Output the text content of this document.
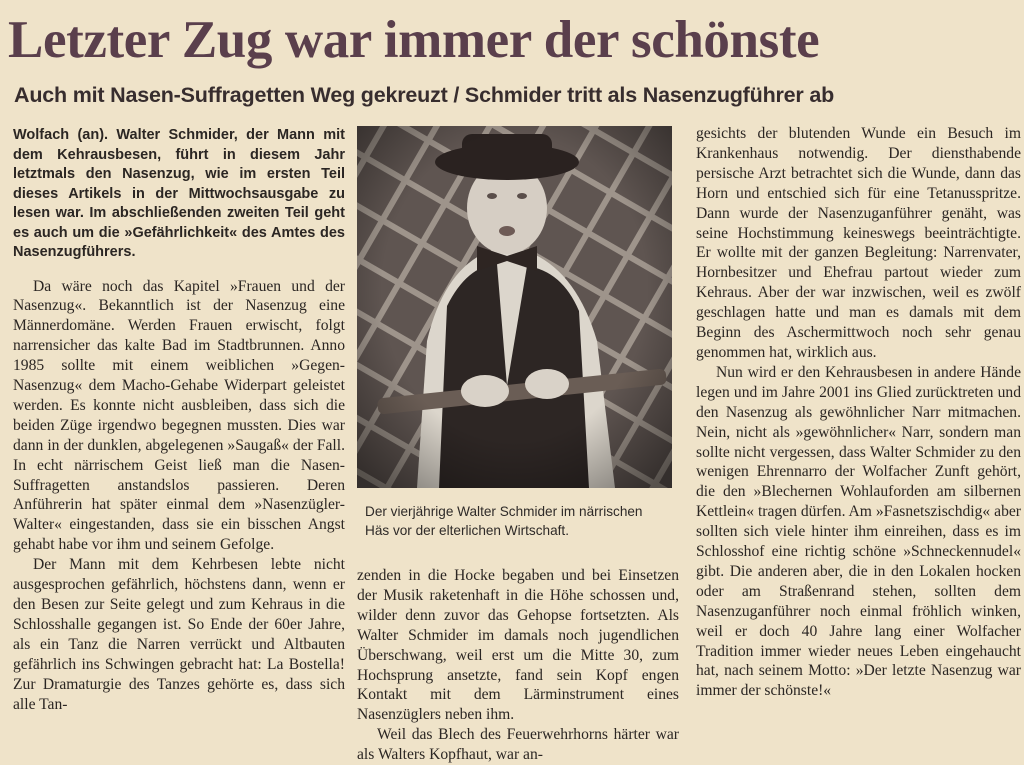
Letzter Zug war immer der schönste
Auch mit Nasen-Suffragetten Weg gekreuzt / Schmider tritt als Nasenzugführer ab

Wolfach (an). Walter Schmider, der Mann mit dem Kehrausbesen, führt in diesem Jahr letztmals den Nasenzug, wie im ersten Teil dieses Artikels in der Mittwochsausgabe zu lesen war. Im abschließenden zweiten Teil geht es auch um die »Gefährlichkeit« des Amtes des Nasenzugführers.

Da wäre noch das Kapitel »Frauen und der Nasenzug«. Bekanntlich ist der Nasenzug eine Männerdomäne. Werden Frauen erwischt, folgt narrensicher das kalte Bad im Stadtbrunnen. Anno 1985 sollte mit einem weiblichen »Gegen-Nasenzug« dem Macho-Gehabe Widerpart geleistet werden. Es konnte nicht ausbleiben, dass sich die beiden Züge irgendwo begegnen mussten. Dies war dann in der dunklen, abgelegenen »Saugaß« der Fall. In echt närrischem Geist ließ man die Nasen-Suffragetten anstandslos passieren. Deren Anführerin hat später einmal dem »Nasenzügler-Walter« eingestanden, dass sie ein bisschen Angst gehabt habe vor ihm und seinem Gefolge.

Der Mann mit dem Kehrbesen lebte nicht ausgesprochen gefährlich, höchstens dann, wenn er den Besen zur Seite gelegt und zum Kehraus in die Schlosshalle gegangen ist. So Ende der 60er Jahre, als ein Tanz die Narren verrückt und Altbauten gefährlich ins Schwingen gebracht hat: La Bostella! Zur Dramaturgie des Tanzes gehörte es, dass sich alle Tan-

Der vierjährige Walter Schmider im närrischen Häs vor der elterlichen Wirtschaft.

zenden in die Hocke begaben und bei Einsetzen der Musik raketenhaft in die Höhe schossen und, wilder denn zuvor das Gehopse fortsetzten. Als Walter Schmider im damals noch jugendlichen Überschwang, weil erst um die Mitte 30, zum Hochsprung ansetzte, fand sein Kopf engen Kontakt mit dem Lärminstrument eines Nasenzüglers neben ihm.

Weil das Blech des Feuerwehrhorns härter war als Walters Kopfhaut, war an-

gesichts der blutenden Wunde ein Besuch im Krankenhaus notwendig. Der diensthabende persische Arzt betrachtet sich die Wunde, dann das Horn und entschied sich für eine Tetanusspritze. Dann wurde der Nasenzuganführer genäht, was seine Hochstimmung keineswegs beeinträchtigte. Er wollte mit der ganzen Begleitung: Narrenvater, Hornbesitzer und Ehefrau partout wieder zum Kehraus. Aber der war inzwischen, weil es zwölf geschlagen hatte und man es damals mit dem Beginn des Aschermittwoch noch sehr genau genommen hat, wirklich aus.

Nun wird er den Kehrausbesen in andere Hände legen und im Jahre 2001 ins Glied zurücktreten und den Nasenzug als gewöhnlicher Narr mitmachen. Nein, nicht als »gewöhnlicher« Narr, sondern man sollte nicht vergessen, dass Walter Schmider zu den wenigen Ehrennarro der Wolfacher Zunft gehört, die den »Blechernen Wohlauforden am silbernen Kettlein« tragen dürfen. Am »Fasnetszischdig« aber sollten sich viele hinter ihm einreihen, dass es im Schlosshof eine richtig schöne »Schneckennudel« gibt. Die anderen aber, die in den Lokalen hocken oder am Straßenrand stehen, sollten dem Nasenzuganführer noch einmal fröhlich winken, weil er doch 40 Jahre lang einer Wolfacher Tradition immer wieder neues Leben eingehaucht hat, nach seinem Motto: »Der letzte Nasenzug war immer der schönste!«
